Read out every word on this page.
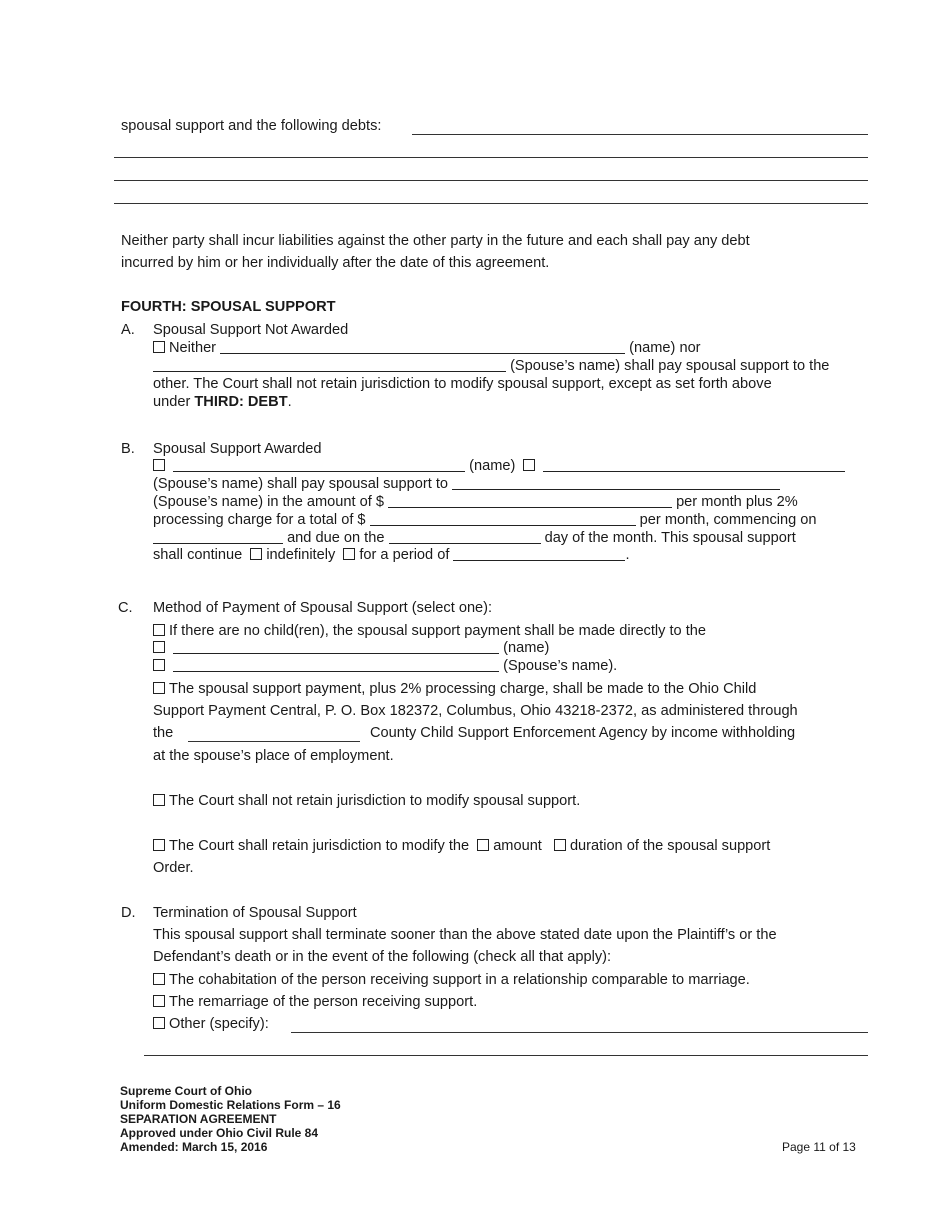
spousal support and the following debts:
Neither party shall incur liabilities against the other party in the future and each shall pay any debt
incurred by him or her individually after the date of this agreement.
FOURTH: SPOUSAL SUPPORT
A. Spousal Support Not Awarded
Neither	(name) nor
(Spouse’s name) shall pay spousal support to the
other. The Court shall not retain jurisdiction to modify spousal support, except as set forth above
under THIRD: DEBT.
B. Spousal Support Awarded
(name)
(Spouse’s name) shall pay spousal support to
(Spouse’s name) in the amount of $	per month plus 2%
processing charge for a total of $	per month, commencing on
and due on the	day of the month. This spousal support
shall continue indefinitely for a period of	.
C. Method of Payment of Spousal Support (select one):
If there are no child(ren), the spousal support payment shall be made directly to the
(name)
(Spouse’s name).
The spousal support payment, plus 2% processing charge, shall be made to the Ohio Child
Support Payment Central, P. O. Box 182372, Columbus, Ohio 43218-2372, as administered through
the	County Child Support Enforcement Agency by income withholding
at the spouse’s place of employment.
The Court shall not retain jurisdiction to modify spousal support.
The Court shall retain jurisdiction to modify the amount duration of the spousal support
Order.
D. Termination of Spousal Support
This spousal support shall terminate sooner than the above stated date upon the Plaintiff’s or the
Defendant’s death or in the event of the following (check all that apply):
The cohabitation of the person receiving support in a relationship comparable to marriage.
The remarriage of the person receiving support.
Other (specify):
Supreme Court of Ohio
Uniform Domestic Relations Form – 16
SEPARATION AGREEMENT
Approved under Ohio Civil Rule 84
Amended: March 15, 2016	Page 11 of 13
